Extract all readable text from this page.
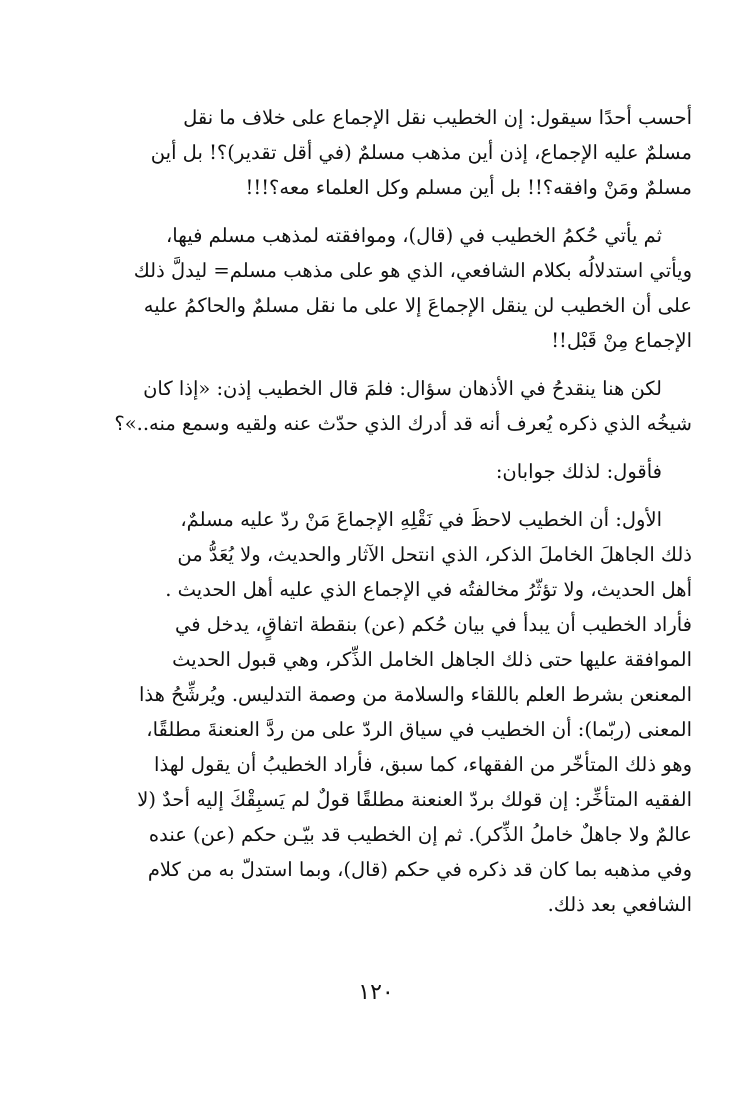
أحسب أحدًا سيقول: إن الخطيب نقل الإجماع على خلاف ما نقل
مسلمٌ عليه الإجماع، إذن أين مذهب مسلمٌ (في أقل تقدير)؟! بل أين
مسلمٌ ومَنْ وافقه؟!! بل أين مسلم وكل العلماء معه؟!!!
ثم يأتي حُكمُ الخطيب في (قال)، وموافقته لمذهب مسلم فيها،
ويأتي استدلالُه بكلام الشافعي، الذي هو على مذهب مسلم= ليدلَّ ذلك
على أن الخطيب لن ينقل الإجماعَ إلا على ما نقل مسلمٌ والحاكمُ عليه
الإجماع مِنْ قَبْل!!
لكن هنا ينقدحُ في الأذهان سؤال: فلمَ قال الخطيب إذن: «إذا كان
شيخُه الذي ذكره يُعرف أنه قد أدرك الذي حدّث عنه ولقيه وسمع منه..»؟
فأقول: لذلك جوابان:
الأول: أن الخطيب لاحظَ في نَقْلِهِ الإجماعَ مَنْ ردّ عليه مسلمٌ،
ذلك الجاهلَ الخاملَ الذكر، الذي انتحل الآثار والحديث، ولا يُعَدُّ من
أهل الحديث، ولا تؤثّرُ مخالفتُه في الإجماع الذي عليه أهل الحديث .
فأراد الخطيب أن يبدأ في بيان حُكم (عن) بنقطة اتفاقٍ، يدخل في
الموافقة عليها حتى ذلك الجاهل الخامل الذِّكر، وهي قبول الحديث
المعنعن بشرط العلم باللقاء والسلامة من وصمة التدليس. ويُرشِّحُ هذا
المعنى (ربّما): أن الخطيب في سياق الردّ على من ردَّ العنعنةَ مطلقًا،
وهو ذلك المتأخّر من الفقهاء، كما سبق، فأراد الخطيبُ أن يقول لهذا
الفقيه المتأخِّر: إن قولك بردّ العنعنة مطلقًا قولٌ لم يَسبِقْكَ إليه أحدٌ (لا
عالمٌ ولا جاهلٌ خاملُ الذِّكر). ثم إن الخطيب قد بيّـن حكم (عن) عنده
وفي مذهبه بما كان قد ذكره في حكم (قال)، وبما استدلّ به من كلام
الشافعي بعد ذلك.
١٢٠
